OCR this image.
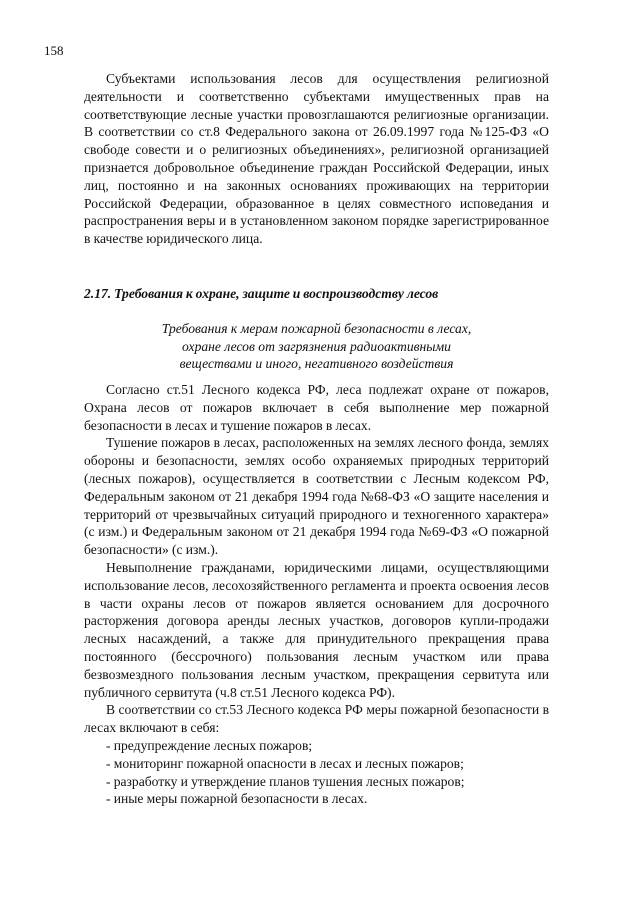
158

Субъектами использования лесов для осуществления религиозной деятельности и соответственно субъектами имущественных прав на соответствующие лесные участки провозглашаются религиозные организации. В соответствии со ст.8 Федерального закона от 26.09.1997 года №125-ФЗ «О свободе совести и о религиозных объединениях», религиозной организацией признается добровольное объединение граждан Российской Федерации, иных лиц, постоянно и на законных основаниях проживающих на территории Российской Федерации, образованное в целях совместного исповедания и распространения веры и в установленном законом порядке зарегистрированное в качестве юридического лица.

2.17. Требования к охране, защите и воспроизводству лесов
Требования к мерам пожарной безопасности в лесах,
охране лесов от загрязнения радиоактивными
веществами и иного, негативного воздействия

Согласно ст.51 Лесного кодекса РФ, леса подлежат охране от пожаров, Охрана лесов от пожаров включает в себя выполнение мер пожарной безопасности в лесах и тушение пожаров в лесах.

Тушение пожаров в лесах, расположенных на землях лесного фонда, землях обороны и безопасности, землях особо охраняемых природных территорий (лесных пожаров), осуществляется в соответствии с Лесным кодексом РФ, Федеральным законом от 21 декабря 1994 года №68-ФЗ «О защите населения и территорий от чрезвычайных ситуаций природного и техногенного характера» (с изм.) и Федеральным законом от 21 декабря 1994 года №69-ФЗ «О пожарной безопасности» (с изм.).

Невыполнение гражданами, юридическими лицами, осуществляющими использование лесов, лесохозяйственного регламента и проекта освоения лесов в части охраны лесов от пожаров является основанием для досрочного расторжения договора аренды лесных участков, договоров купли-продажи лесных насаждений, а также для принудительного прекращения права постоянного (бессрочного) пользования лесным участком или права безвозмездного пользования лесным участком, прекращения сервитута или публичного сервитута (ч.8 ст.51 Лесного кодекса РФ).

В соответствии со ст.53 Лесного кодекса РФ меры пожарной безопасности в лесах включают в себя:

- предупреждение лесных пожаров;

- мониторинг пожарной опасности в лесах и лесных пожаров;

- разработку и утверждение планов тушения лесных пожаров;

- иные меры пожарной безопасности в лесах.
